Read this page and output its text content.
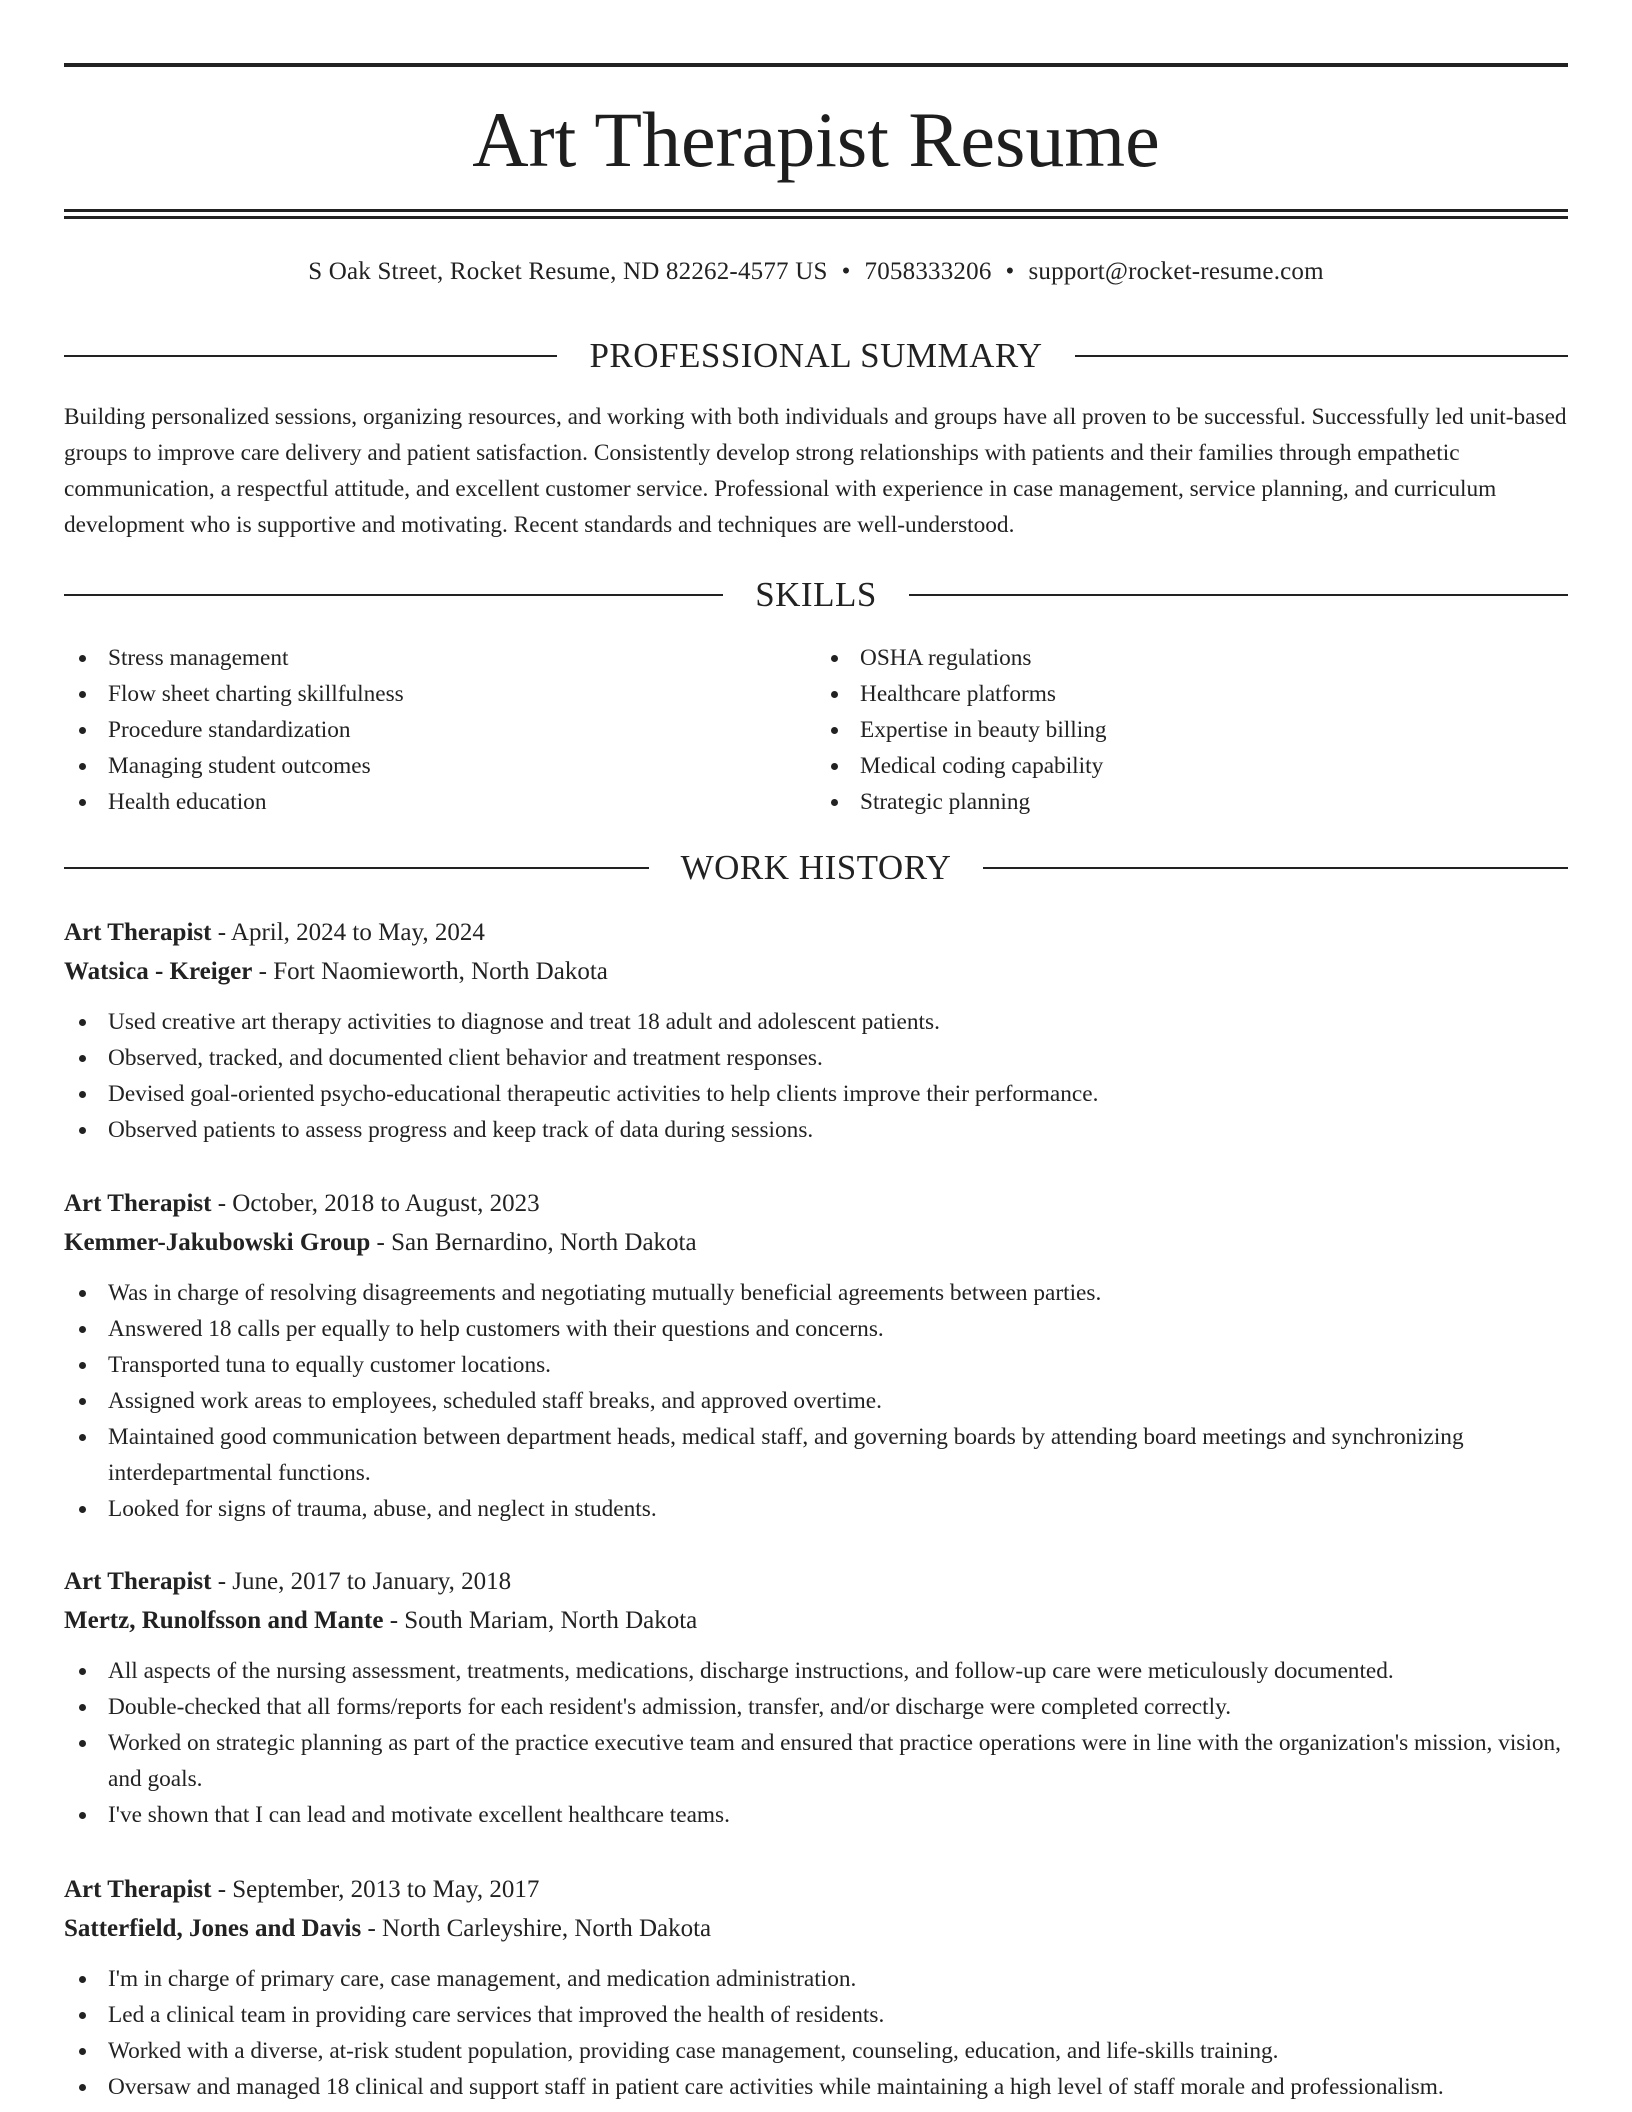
Art Therapist Resume
S Oak Street, Rocket Resume, ND 82262-4577 US • 7058333206 • support@rocket-resume.com
PROFESSIONAL SUMMARY

Building personalized sessions, organizing resources, and working with both individuals and groups have all proven to be successful. Successfully led unit-based groups to improve care delivery and patient satisfaction. Consistently develop strong relationships with patients and their families through empathetic communication, a respectful attitude, and excellent customer service. Professional with experience in case management, service planning, and curriculum development who is supportive and motivating. Recent standards and techniques are well-understood.

SKILLS
Stress management
Flow sheet charting skillfulness
Procedure standardization
Managing student outcomes
Health education
OSHA regulations
Healthcare platforms
Expertise in beauty billing
Medical coding capability
Strategic planning
WORK HISTORY
Art Therapist - April, 2024 to May, 2024
Watsica - Kreiger - Fort Naomieworth, North Dakota
Used creative art therapy activities to diagnose and treat 18 adult and adolescent patients.
Observed, tracked, and documented client behavior and treatment responses.
Devised goal-oriented psycho-educational therapeutic activities to help clients improve their performance.
Observed patients to assess progress and keep track of data during sessions.
Art Therapist - October, 2018 to August, 2023
Kemmer-Jakubowski Group - San Bernardino, North Dakota
Was in charge of resolving disagreements and negotiating mutually beneficial agreements between parties.
Answered 18 calls per equally to help customers with their questions and concerns.
Transported tuna to equally customer locations.
Assigned work areas to employees, scheduled staff breaks, and approved overtime.
Maintained good communication between department heads, medical staff, and governing boards by attending board meetings and synchronizing interdepartmental functions.
Looked for signs of trauma, abuse, and neglect in students.
Art Therapist - June, 2017 to January, 2018
Mertz, Runolfsson and Mante - South Mariam, North Dakota
All aspects of the nursing assessment, treatments, medications, discharge instructions, and follow-up care were meticulously documented.
Double-checked that all forms/reports for each resident's admission, transfer, and/or discharge were completed correctly.
Worked on strategic planning as part of the practice executive team and ensured that practice operations were in line with the organization's mission, vision, and goals.
I've shown that I can lead and motivate excellent healthcare teams.
Art Therapist - September, 2013 to May, 2017
Satterfield, Jones and Davis - North Carleyshire, North Dakota
I'm in charge of primary care, case management, and medication administration.
Led a clinical team in providing care services that improved the health of residents.
Worked with a diverse, at-risk student population, providing case management, counseling, education, and life-skills training.
Oversaw and managed 18 clinical and support staff in patient care activities while maintaining a high level of staff morale and professionalism.
